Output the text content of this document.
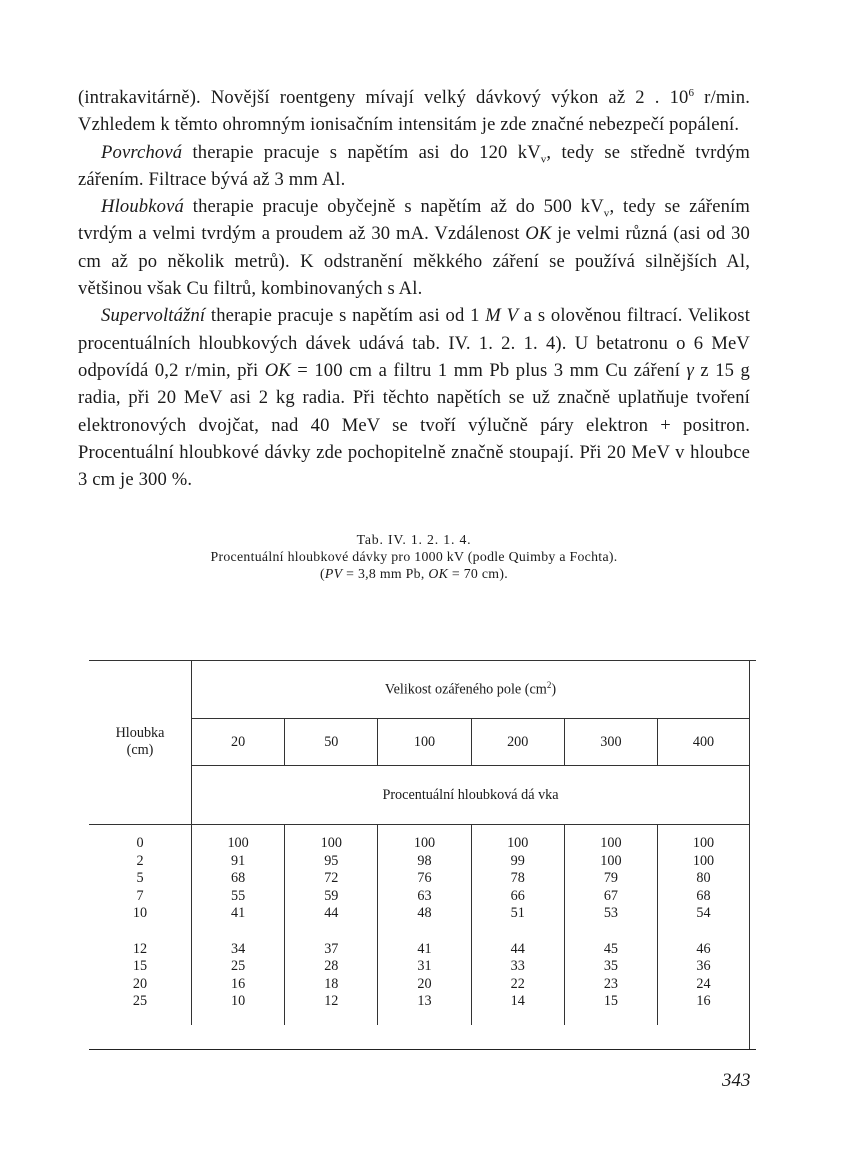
(intrakavitárně). Novější roentgeny mívají velký dávkový výkon až 2 . $10^6$ r/min. Vzhledem k těmto ohromným ionisačním intensitám je zde značné nebezpečí popálení.

Povrchová therapie pracuje s napětím asi do 120 $kV_v$, tedy se středně tvrdým zářením. Filtrace bývá až 3 mm Al.

Hloubková therapie pracuje obyčejně s napětím až do 500 $kV_v$, tedy se zářením tvrdým a velmi tvrdým a proudem až 30 mA. Vzdálenost OK je velmi různá (asi od 30 cm až po několik metrů). K odstranění měkkého záření se používá silnějších Al, většinou však Cu filtrů, kombinovaných s Al.

Supervoltážní therapie pracuje s napětím asi od 1 M V a s olověnou filtrací. Velikost procentuálních hloubkových dávek udává tab. IV. 1. 2. 1. 4). U betatronu o 6 MeV odpovídá 0,2 r/min, při OK = 100 cm a filtru 1 mm Pb plus 3 mm Cu záření γ z 15 g radia, při 20 MeV asi 2 kg radia. Při těchto napětích se už značně uplatňuje tvoření elektronových dvojčat, nad 40 MeV se tvoří výlučně páry elektron + positron. Procentuální hloubkové dávky zde pochopitelně značně stoupají. Při 20 MeV v hloubce 3 cm je 300 %.

Tab. IV. 1. 2. 1. 4.
Procentuální hloubkové dávky pro 1000 kV (podle Quimby a Fochta).
(PV = 3,8 mm Pb, OK = 70 cm).
Hloubka
(cm)	Velikost ozářeného pole $(cm^2)$					
	20	50	100	200	300	400
	Procentuální hloubková dá vka					
0	100	100	100	100	100	100
2	91	95	98	99	100	100
5	68	72	76	78	79	80
7	55	59	63	66	67	68
10	41	44	48	51	53	54
12	34	37	41	44	45	46
15	25	28	31	33	35	36
20	16	18	20	22	23	24
25	10	12	13	14	15	16
343
